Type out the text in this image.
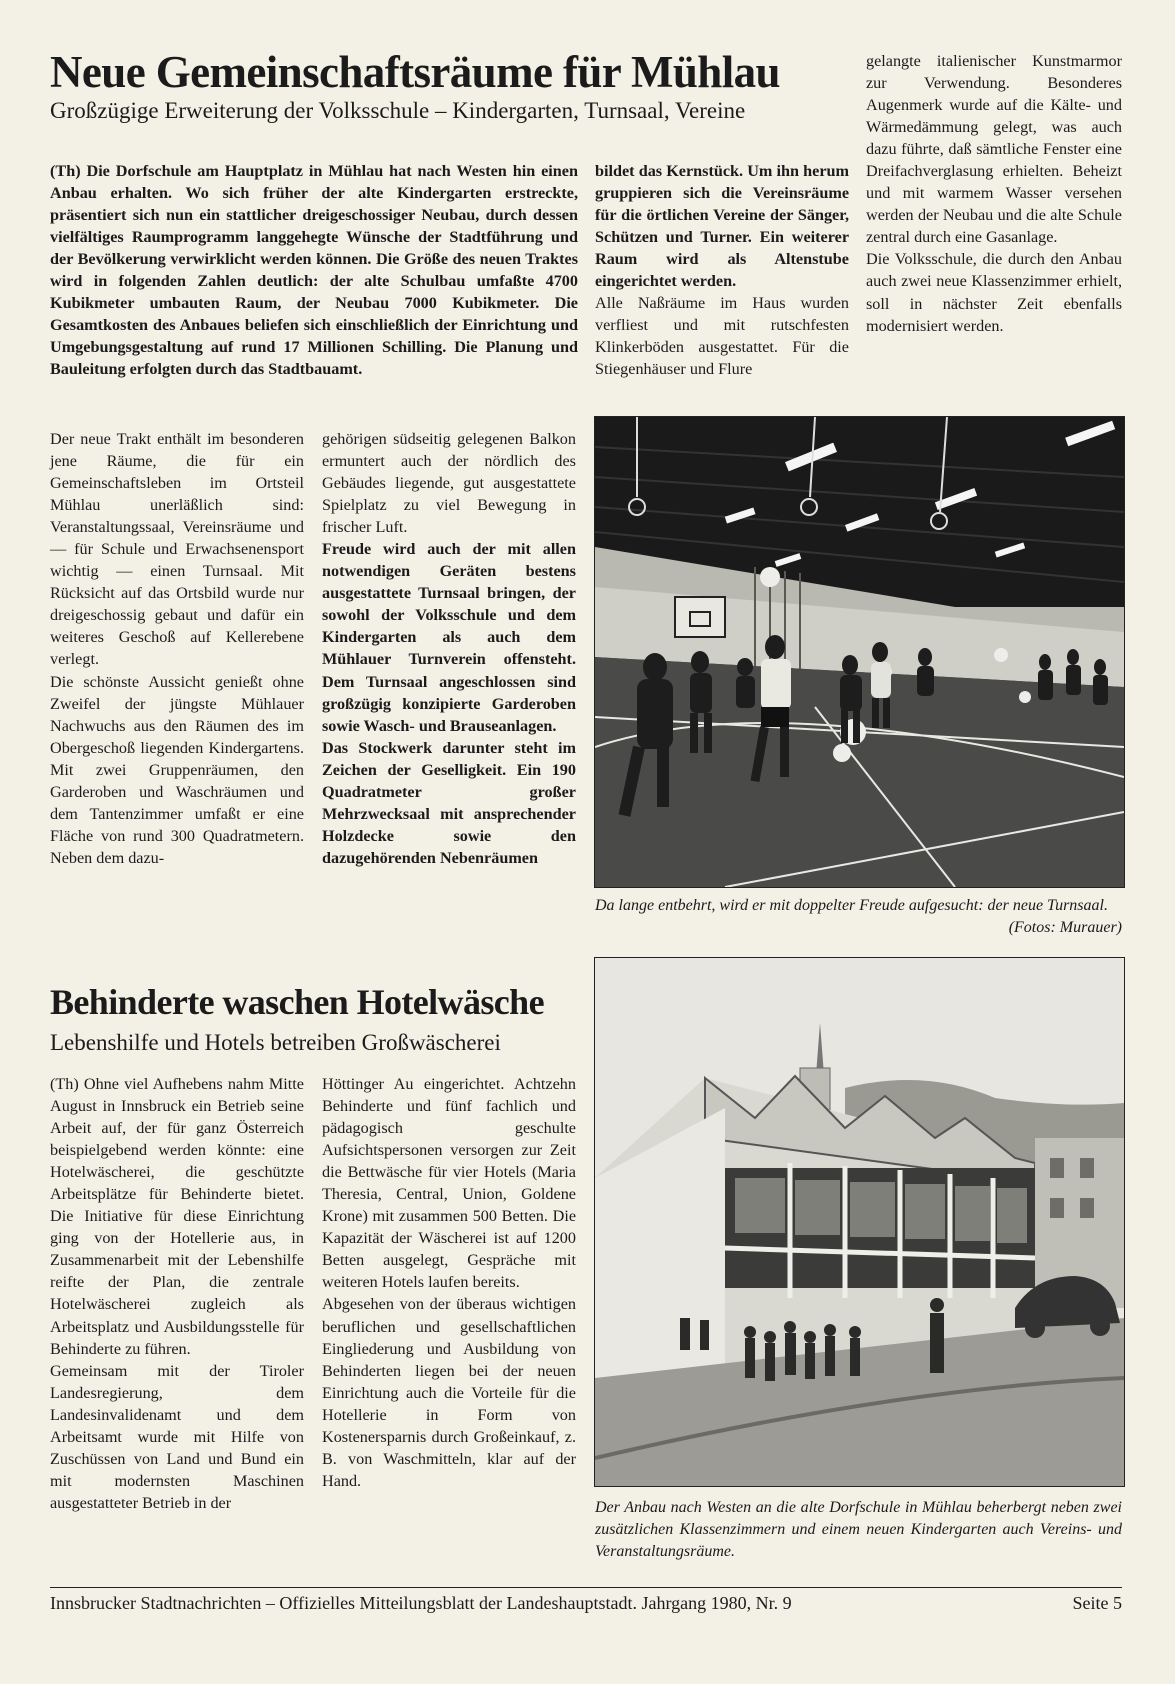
Neue Gemeinschaftsräume für Mühlau
Großzügige Erweiterung der Volksschule – Kindergarten, Turnsaal, Vereine

(Th) Die Dorfschule am Hauptplatz in Mühlau hat nach Westen hin einen Anbau erhalten. Wo sich früher der alte Kindergarten erstreckte, präsentiert sich nun ein stattlicher dreigeschossiger Neubau, durch dessen vielfältiges Raumprogramm langgehegte Wünsche der Stadtführung und der Bevölkerung verwirklicht werden können. Die Größe des neuen Traktes wird in folgenden Zahlen deutlich: der alte Schulbau umfaßte 4700 Kubikmeter umbauten Raum, der Neubau 7000 Kubikmeter. Die Gesamtkosten des Anbaues beliefen sich einschließlich der Einrichtung und Umgebungsgestaltung auf rund 17 Millionen Schilling. Die Planung und Bauleitung erfolgten durch das Stadtbauamt.

bildet das Kernstück. Um ihn herum gruppieren sich die Vereinsräume für die örtlichen Vereine der Sänger, Schützen und Turner. Ein weiterer Raum wird als Altenstube eingerichtet werden.

Alle Naßräume im Haus wurden verfliest und mit rutschfesten Klinkerböden ausgestattet. Für die Stiegenhäuser und Flure

gelangte italienischer Kunstmarmor zur Verwendung. Besonderes Augenmerk wurde auf die Kälte- und Wärmedämmung gelegt, was auch dazu führte, daß sämtliche Fenster eine Dreifachverglasung erhielten. Beheizt und mit warmem Wasser versehen werden der Neubau und die alte Schule zentral durch eine Gasanlage.

Die Volksschule, die durch den Anbau auch zwei neue Klassenzimmer erhielt, soll in nächster Zeit ebenfalls modernisiert werden.

Der neue Trakt enthält im besonderen jene Räume, die für ein Gemeinschaftsleben im Ortsteil Mühlau unerläßlich sind: Veranstaltungssaal, Vereinsräume und — für Schule und Erwachsenensport wichtig — einen Turnsaal. Mit Rücksicht auf das Ortsbild wurde nur dreigeschossig gebaut und dafür ein weiteres Geschoß auf Kellerebene verlegt.

Die schönste Aussicht genießt ohne Zweifel der jüngste Mühlauer Nachwuchs aus den Räumen des im Obergeschoß liegenden Kindergartens. Mit zwei Gruppenräumen, den Garderoben und Waschräumen und dem Tantenzimmer umfaßt er eine Fläche von rund 300 Quadratmetern. Neben dem dazu-

gehörigen südseitig gelegenen Balkon ermuntert auch der nördlich des Gebäudes liegende, gut ausgestattete Spielplatz zu viel Bewegung in frischer Luft.

Freude wird auch der mit allen notwendigen Geräten bestens ausgestattete Turnsaal bringen, der sowohl der Volksschule und dem Kindergarten als auch dem Mühlauer Turnverein offensteht. Dem Turnsaal angeschlossen sind großzügig konzipierte Garderoben sowie Wasch- und Brauseanlagen.

Das Stockwerk darunter steht im Zeichen der Geselligkeit. Ein 190 Quadratmeter großer Mehrzwecksaal mit ansprechender Holzdecke sowie den dazugehörenden Nebenräumen

Da lange entbehrt, wird er mit doppelter Freude aufgesucht: der neue Turnsaal.
(Fotos: Murauer)
Behinderte waschen Hotelwäsche
Lebenshilfe und Hotels betreiben Großwäscherei

(Th) Ohne viel Aufhebens nahm Mitte August in Innsbruck ein Betrieb seine Arbeit auf, der für ganz Österreich beispielgebend werden könnte: eine Hotelwäscherei, die geschützte Arbeitsplätze für Behinderte bietet. Die Initiative für diese Einrichtung ging von der Hotellerie aus, in Zusammenarbeit mit der Lebenshilfe reifte der Plan, die zentrale Hotelwäscherei zugleich als Arbeitsplatz und Ausbildungsstelle für Behinderte zu führen.

Gemeinsam mit der Tiroler Landesregierung, dem Landesinvalidenamt und dem Arbeitsamt wurde mit Hilfe von Zuschüssen von Land und Bund ein mit modernsten Maschinen ausgestatteter Betrieb in der

Höttinger Au eingerichtet. Achtzehn Behinderte und fünf fachlich und pädagogisch geschulte Aufsichtspersonen versorgen zur Zeit die Bettwäsche für vier Hotels (Maria Theresia, Central, Union, Goldene Krone) mit zusammen 500 Betten. Die Kapazität der Wäscherei ist auf 1200 Betten ausgelegt, Gespräche mit weiteren Hotels laufen bereits.

Abgesehen von der überaus wichtigen beruflichen und gesellschaftlichen Eingliederung und Ausbildung von Behinderten liegen bei der neuen Einrichtung auch die Vorteile für die Hotellerie in Form von Kostenersparnis durch Großeinkauf, z. B. von Waschmitteln, klar auf der Hand.

Der Anbau nach Westen an die alte Dorfschule in Mühlau beherbergt neben zwei zusätzlichen Klassenzimmern und einem neuen Kindergarten auch Vereins- und Veranstaltungsräume.
Innsbrucker Stadtnachrichten – Offizielles Mitteilungsblatt der Landeshauptstadt. Jahrgang 1980, Nr. 9	Seite 5
